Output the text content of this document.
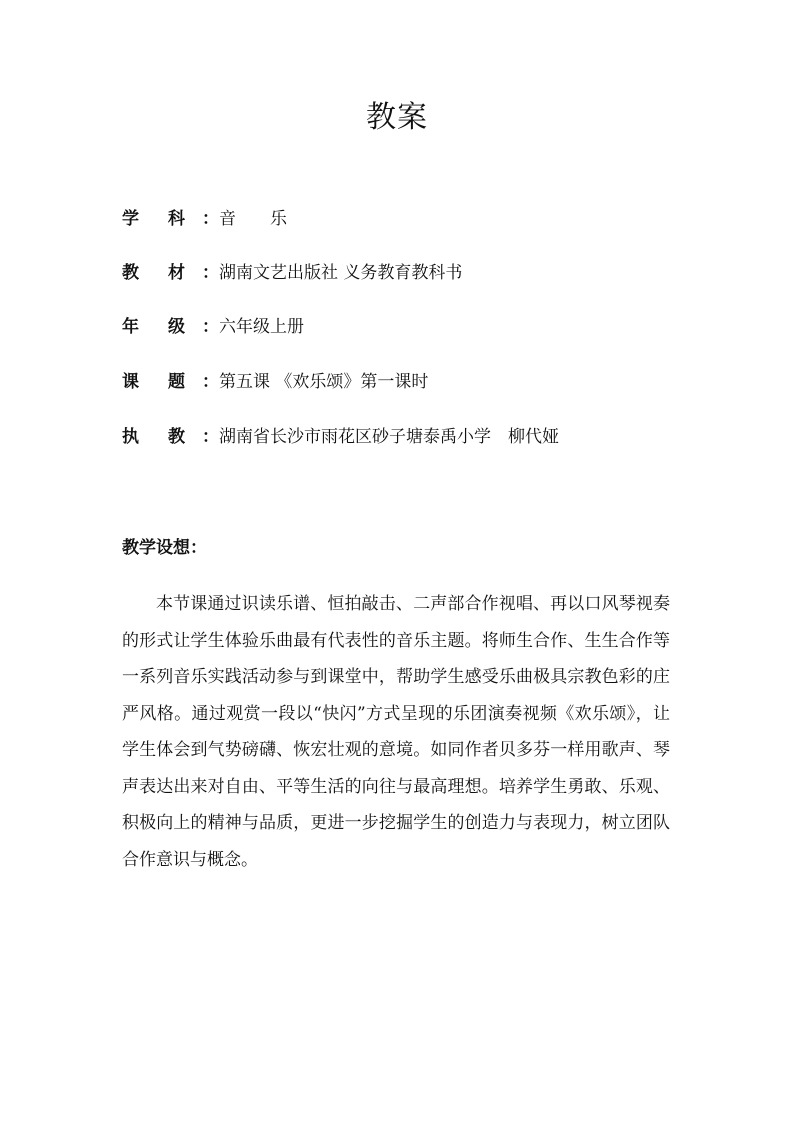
教案
学 科 ：音　　乐
教 材 ：湖南文艺出版社 义务教育教科书
年 级 ：六年级上册
课 题 ：第五课 《欢乐颂》第一课时
执 教 ：湖南省长沙市雨花区砂子塘泰禹小学　柳代娅
教学设想：
本节课通过识读乐谱、恒拍敲击、二声部合作视唱、再以口风琴视奏的形式让学生体验乐曲最有代表性的音乐主题。将师生合作、生生合作等一系列音乐实践活动参与到课堂中，帮助学生感受乐曲极具宗教色彩的庄严风格。通过观赏一段以“快闪”方式呈现的乐团演奏视频《欢乐颂》，让学生体会到气势磅礴、恢宏壮观的意境。如同作者贝多芬一样用歌声、琴声表达出来对自由、平等生活的向往与最高理想。培养学生勇敢、乐观、积极向上的精神与品质，更进一步挖掘学生的创造力与表现力，树立团队合作意识与概念。
